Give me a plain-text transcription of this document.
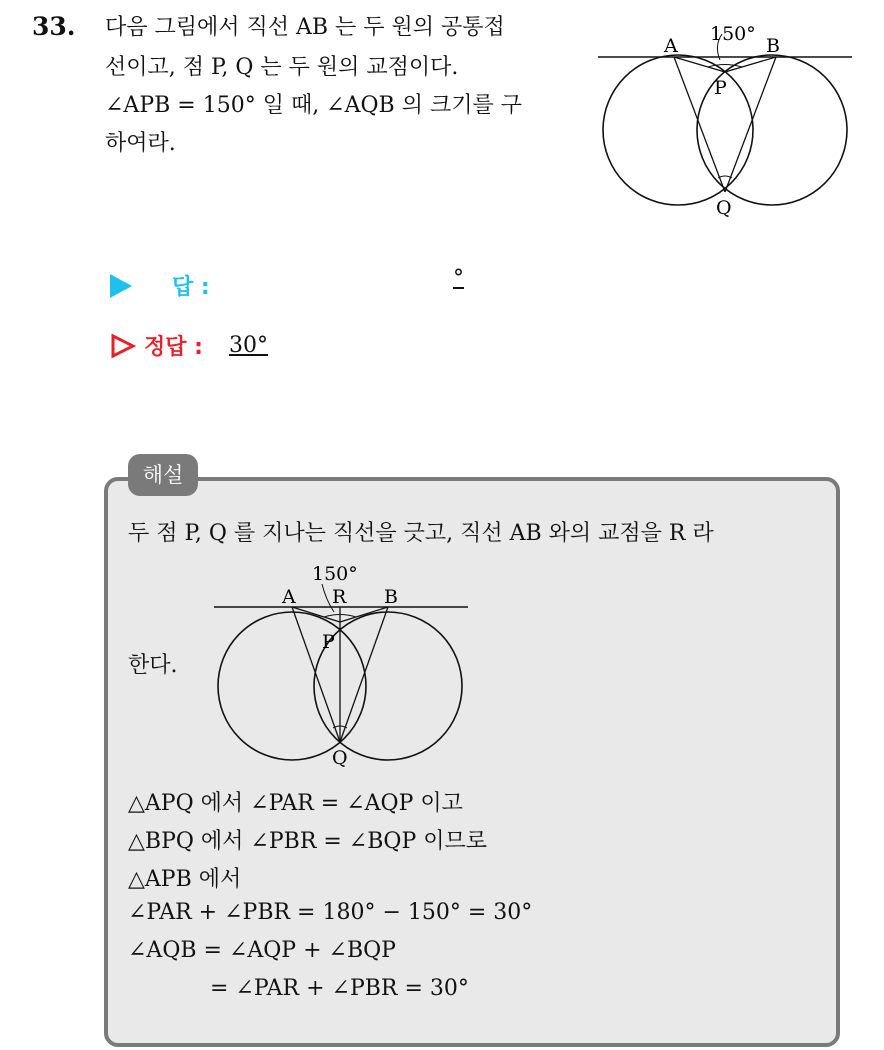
33. 다음 그림에서 직선 AB 는 두 원의 공통접
선이고, 점 P, Q 는 두 원의 교점이다.
∠APB = 150° 일 때, ∠AQB 의 크기를 구
하여라.
A	B
P
Q
150°
답 :	°
정답 : 30°
해설
두 점 P, Q 를 지나는 직선을 긋고, 직선 AB 와의 교점을 R 라
150°
A R B
P
Q
한다.
△APQ 에서 ∠PAR = ∠AQP 이고
△BPQ 에서 ∠PBR = ∠BQP 이므로
△APB 에서
∠PAR + ∠PBR = 180° − 150° = 30°
∠AQB = ∠AQP + ∠BQP
= ∠PAR + ∠PBR = 30°
